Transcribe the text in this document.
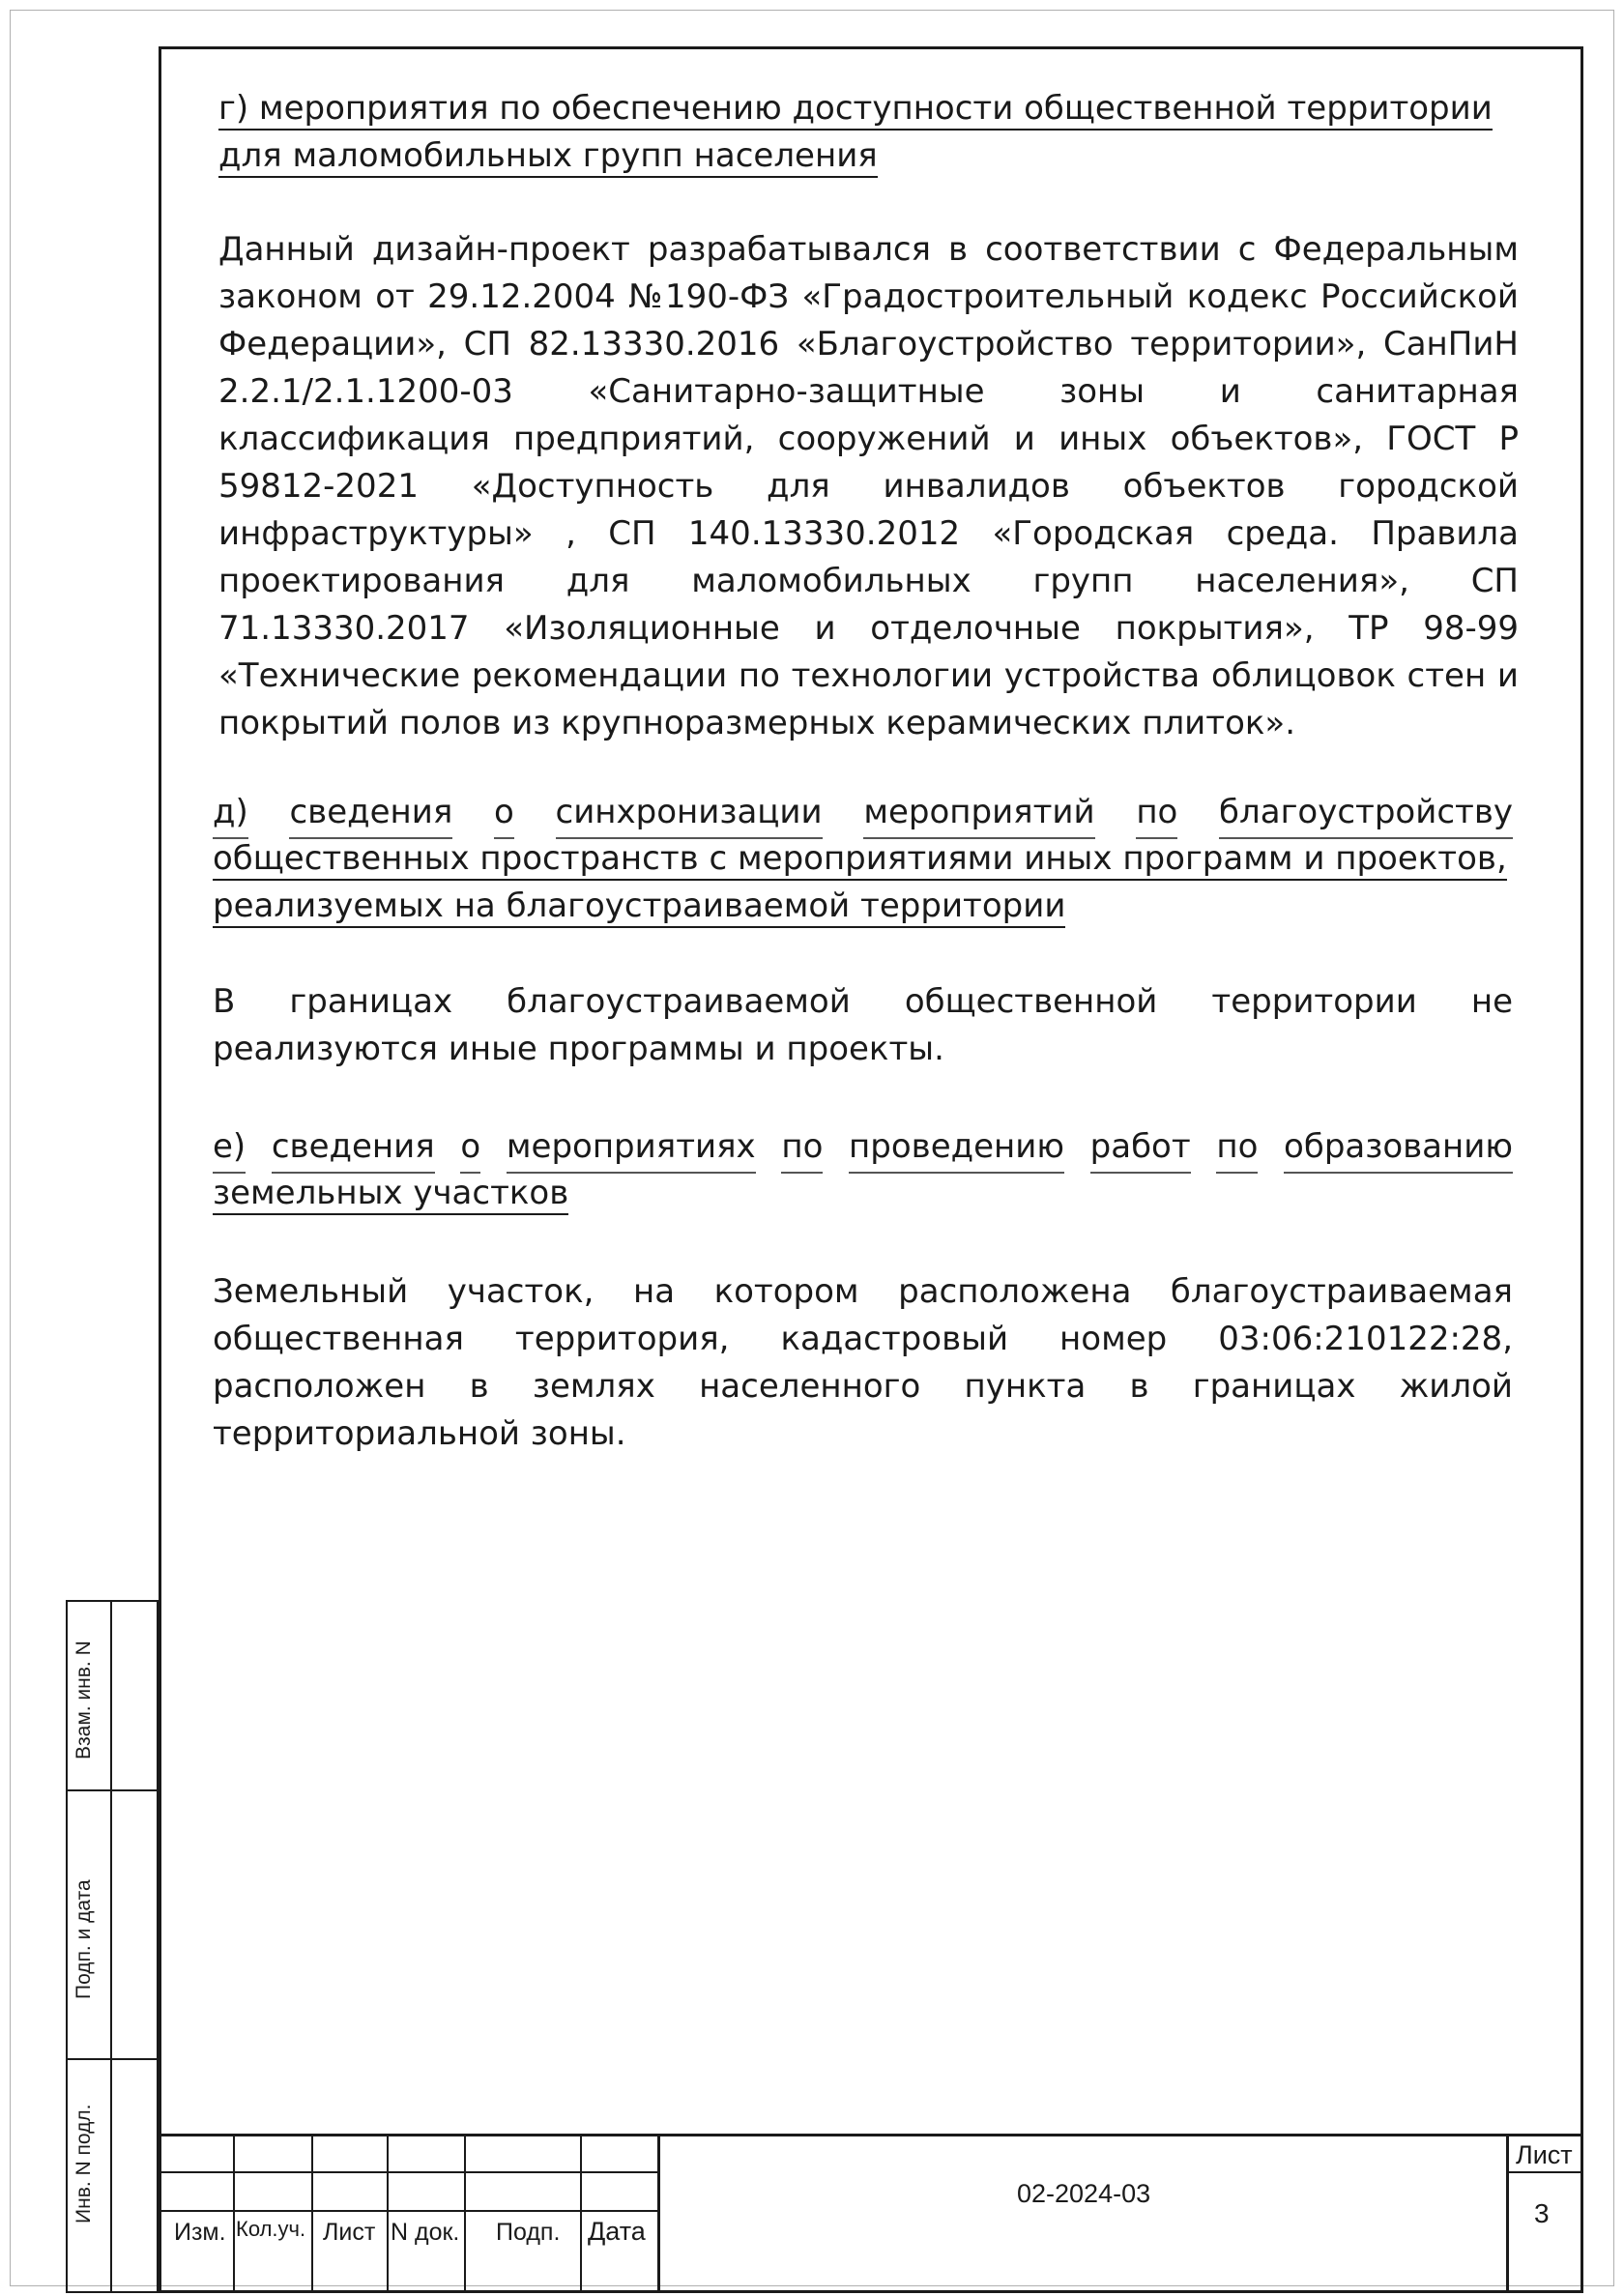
г) мероприятия по обеспечению доступности общественной территории
для маломобильных групп населения
Данный дизайн-проект разрабатывался в соответствии с Федеральным законом от 29.12.2004 №190-ФЗ «Градостроительный кодекс Российской Федерации», СП 82.13330.2016 «Благоустройство территории», СанПиН 2.2.1/2.1.1200-03 «Санитарно-защитные зоны и санитарная классификация предприятий, сооружений и иных объектов», ГОСТ Р 59812-2021 «Доступность для инвалидов объектов городской инфраструктуры» , СП 140.13330.2012 «Городская среда. Правила проектирования для маломобильных групп населения», СП 71.13330.2017 «Изоляционные и отделочные покрытия», ТР 98-99 «Технические рекомендации по технологии устройства облицовок стен и покрытий полов из крупноразмерных керамических плиток».
д) сведения о синхронизации мероприятий по благоустройству
общественных пространств с мероприятиями иных программ и проектов,
реализуемых на благоустраиваемой территории
В границах благоустраиваемой общественной территории не реализуются иные программы и проекты.
е) сведения о мероприятиях по проведению работ по образованию
земельных участков
Земельный участок, на котором расположена благоустраиваемая общественная территория, кадастровый номер 03:06:210122:28, расположен в землях населенного пункта в границах жилой территориальной зоны.
Взам. инв. N
Подп. и дата
Инв. N подл.
Изм. Кол.уч. Лист N док. Подп. Дата
02-2024-03
Лист
3
